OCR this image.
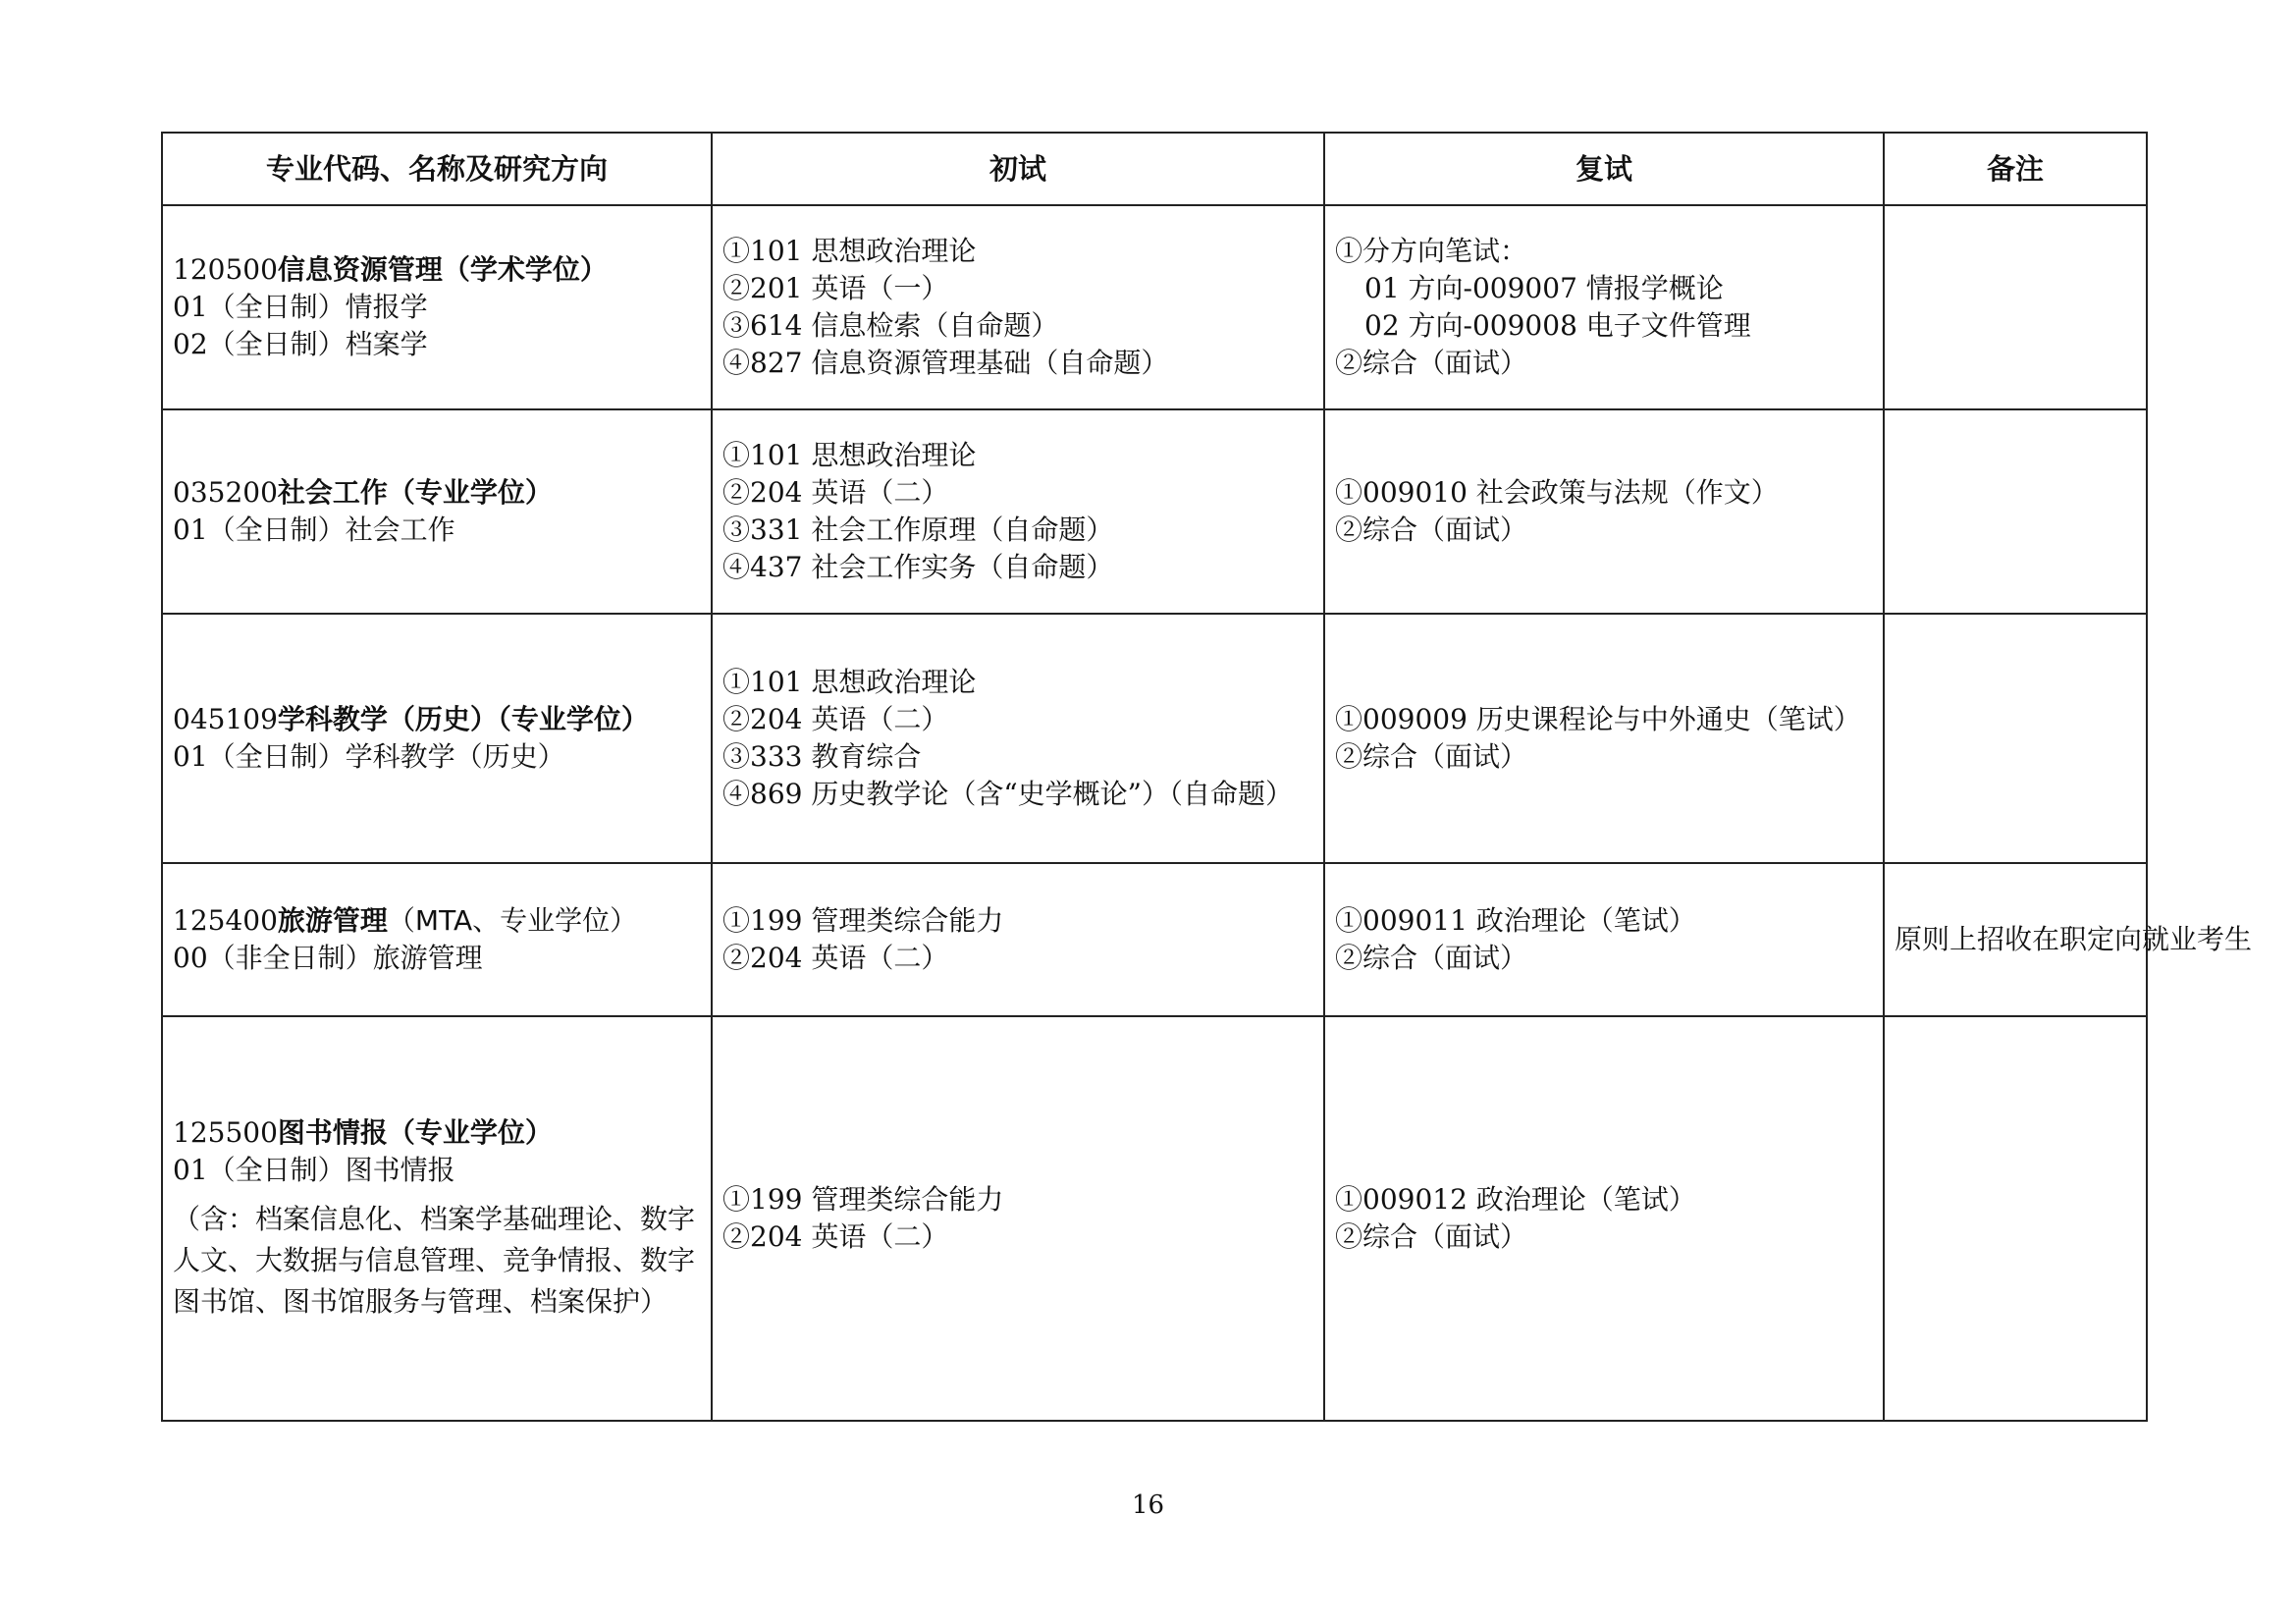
专业代码、名称及研究方向	初试	复试	备注

120500信息资源管理（学术学位）
01（全日制）情报学
02（全日制）档案学	①101 思想政治理论
②201 英语（一）
③614 信息检索（自命题）
④827 信息资源管理基础（自命题）	①分方向笔试：
01 方向-009007 情报学概论
02 方向-009008 电子文件管理
②综合（面试）	

035200社会工作（专业学位）
01（全日制）社会工作	①101 思想政治理论
②204 英语（二）
③331 社会工作原理（自命题）
④437 社会工作实务（自命题）	①009010 社会政策与法规（作文）
②综合（面试）	

045109学科教学（历史）（专业学位）
01（全日制）学科教学（历史）	①101 思想政治理论
②204 英语（二）
③333 教育综合
④869 历史教学论（含“史学概论”）（自命题）	①009009 历史课程论与中外通史（笔试）
②综合（面试）	

125400旅游管理（MTA、专业学位）
00（非全日制）旅游管理	①199 管理类综合能力
②204 英语（二）	①009011 政治理论（笔试）
②综合（面试）	原则上招收在职定向就业考生

125500图书情报（专业学位）
01（全日制）图书情报
（含：档案信息化、档案学基础理论、数字人文、大数据与信息管理、竞争情报、数字图书馆、图书馆服务与管理、档案保护）	①199 管理类综合能力
②204 英语（二）	①009012 政治理论（笔试）
②综合（面试）	

16
